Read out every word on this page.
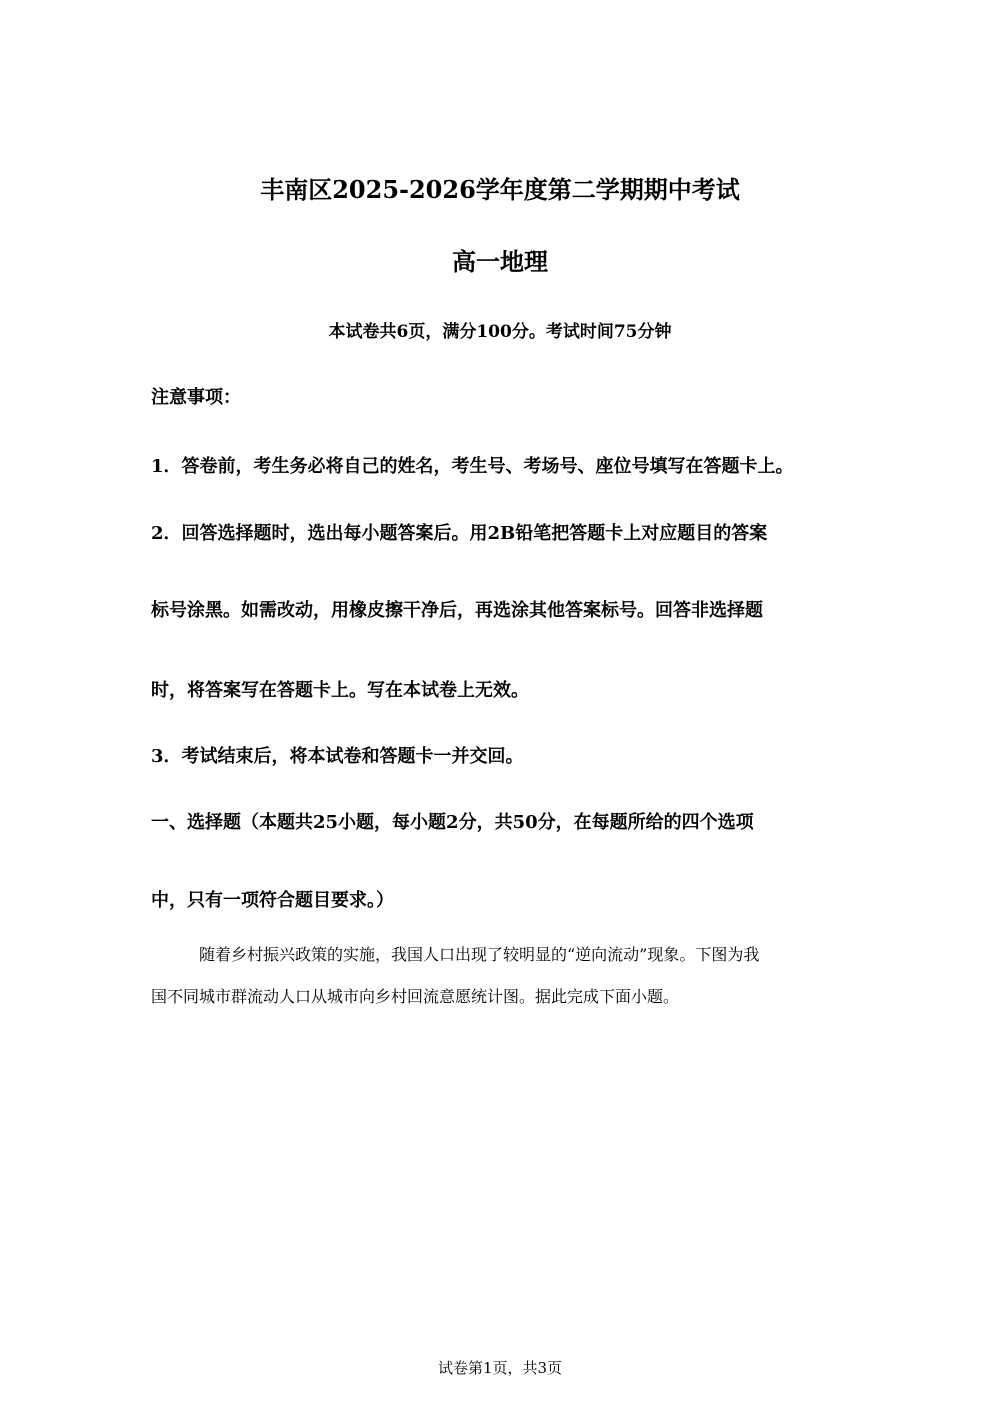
丰南区2025-2026学年度第二学期期中考试
高一地理
本试卷共6页，满分100分。考试时间75分钟
注意事项：
1．答卷前，考生务必将自己的姓名，考生号、考场号、座位号填写在答题卡上。
2．回答选择题时，选出每小题答案后。用2B铅笔把答题卡上对应题目的答案
标号涂黑。如需改动，用橡皮擦干净后，再选涂其他答案标号。回答非选择题
时，将答案写在答题卡上。写在本试卷上无效。
3．考试结束后，将本试卷和答题卡一并交回。
一、选择题（本题共25小题，每小题2分，共50分，在每题所给的四个选项
中，只有一项符合题目要求。）
随着乡村振兴政策的实施，我国人口出现了较明显的“逆向流动”现象。下图为我
国不同城市群流动人口从城市向乡村回流意愿统计图。据此完成下面小题。
试卷第1页，共3页
